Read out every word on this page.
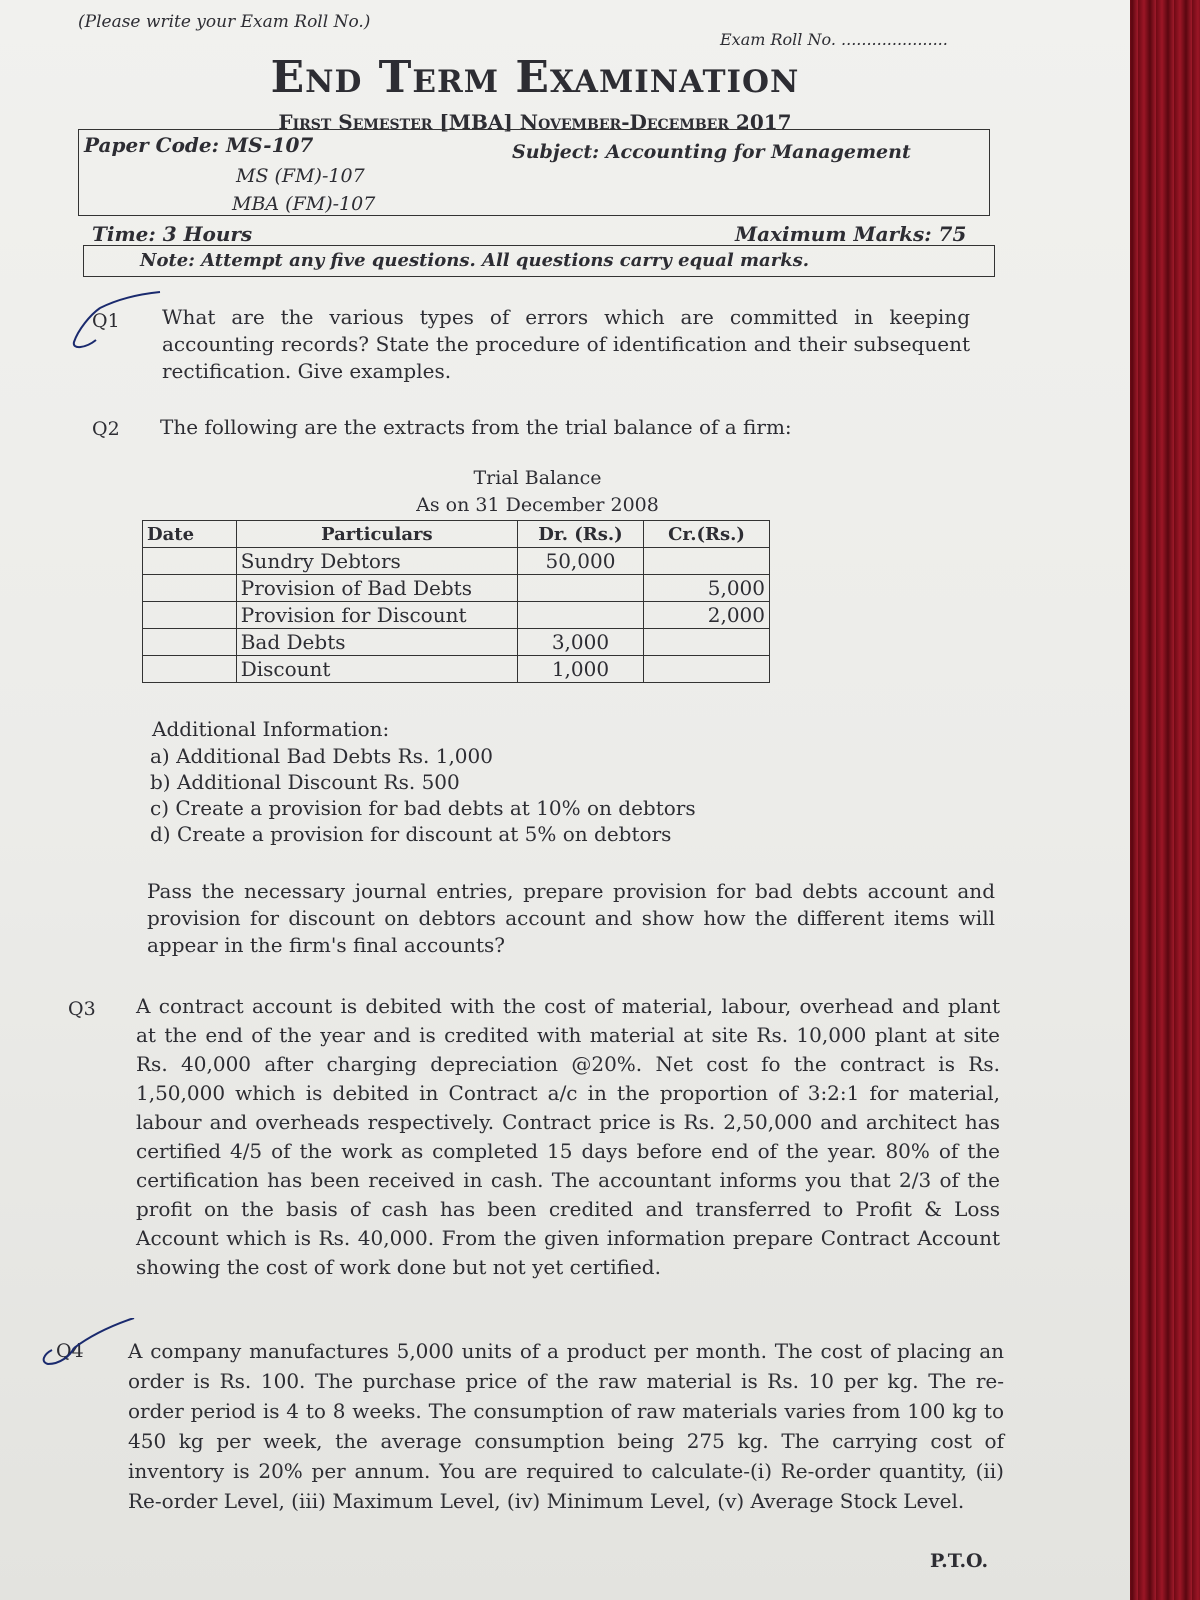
(Please write your Exam Roll No.)
Exam Roll No. .....................
End Term Examination
First Semester [MBA] November-December 2017
Paper Code: MS-107
MS (FM)-107
MBA (FM)-107
Subject: Accounting for Management
Time: 3 Hours	Maximum Marks: 75
Note: Attempt any five questions. All questions carry equal marks.
Q1 What are the various types of errors which are committed in keeping accounting records? State the procedure of identification and their subsequent rectification. Give examples.
Q2 The following are the extracts from the trial balance of a firm:
Trial Balance
As on 31 December 2008
Date	Particulars	Dr. (Rs.)	Cr.(Rs.)
	Sundry Debtors	50,000	
	Provision of Bad Debts		5,000
	Provision for Discount		2,000
	Bad Debts	3,000	
	Discount	1,000	
Additional Information:
a) Additional Bad Debts Rs. 1,000
b) Additional Discount Rs. 500
c) Create a provision for bad debts at 10% on debtors
d) Create a provision for discount at 5% on debtors
Pass the necessary journal entries, prepare provision for bad debts account and provision for discount on debtors account and show how the different items will appear in the firm's final accounts?
Q3 A contract account is debited with the cost of material, labour, overhead and plant at the end of the year and is credited with material at site Rs. 10,000 plant at site Rs. 40,000 after charging depreciation @20%. Net cost fo the contract is Rs. 1,50,000 which is debited in Contract a/c in the proportion of 3:2:1 for material, labour and overheads respectively. Contract price is Rs. 2,50,000 and architect has certified 4/5 of the work as completed 15 days before end of the year. 80% of the certification has been received in cash. The accountant informs you that 2/3 of the profit on the basis of cash has been credited and transferred to Profit & Loss Account which is Rs. 40,000. From the given information prepare Contract Account showing the cost of work done but not yet certified.
Q4 A company manufactures 5,000 units of a product per month. The cost of placing an order is Rs. 100. The purchase price of the raw material is Rs. 10 per kg. The re-order period is 4 to 8 weeks. The consumption of raw materials varies from 100 kg to 450 kg per week, the average consumption being 275 kg. The carrying cost of inventory is 20% per annum. You are required to calculate-(i) Re-order quantity, (ii) Re-order Level, (iii) Maximum Level, (iv) Minimum Level, (v) Average Stock Level.
P.T.O.
